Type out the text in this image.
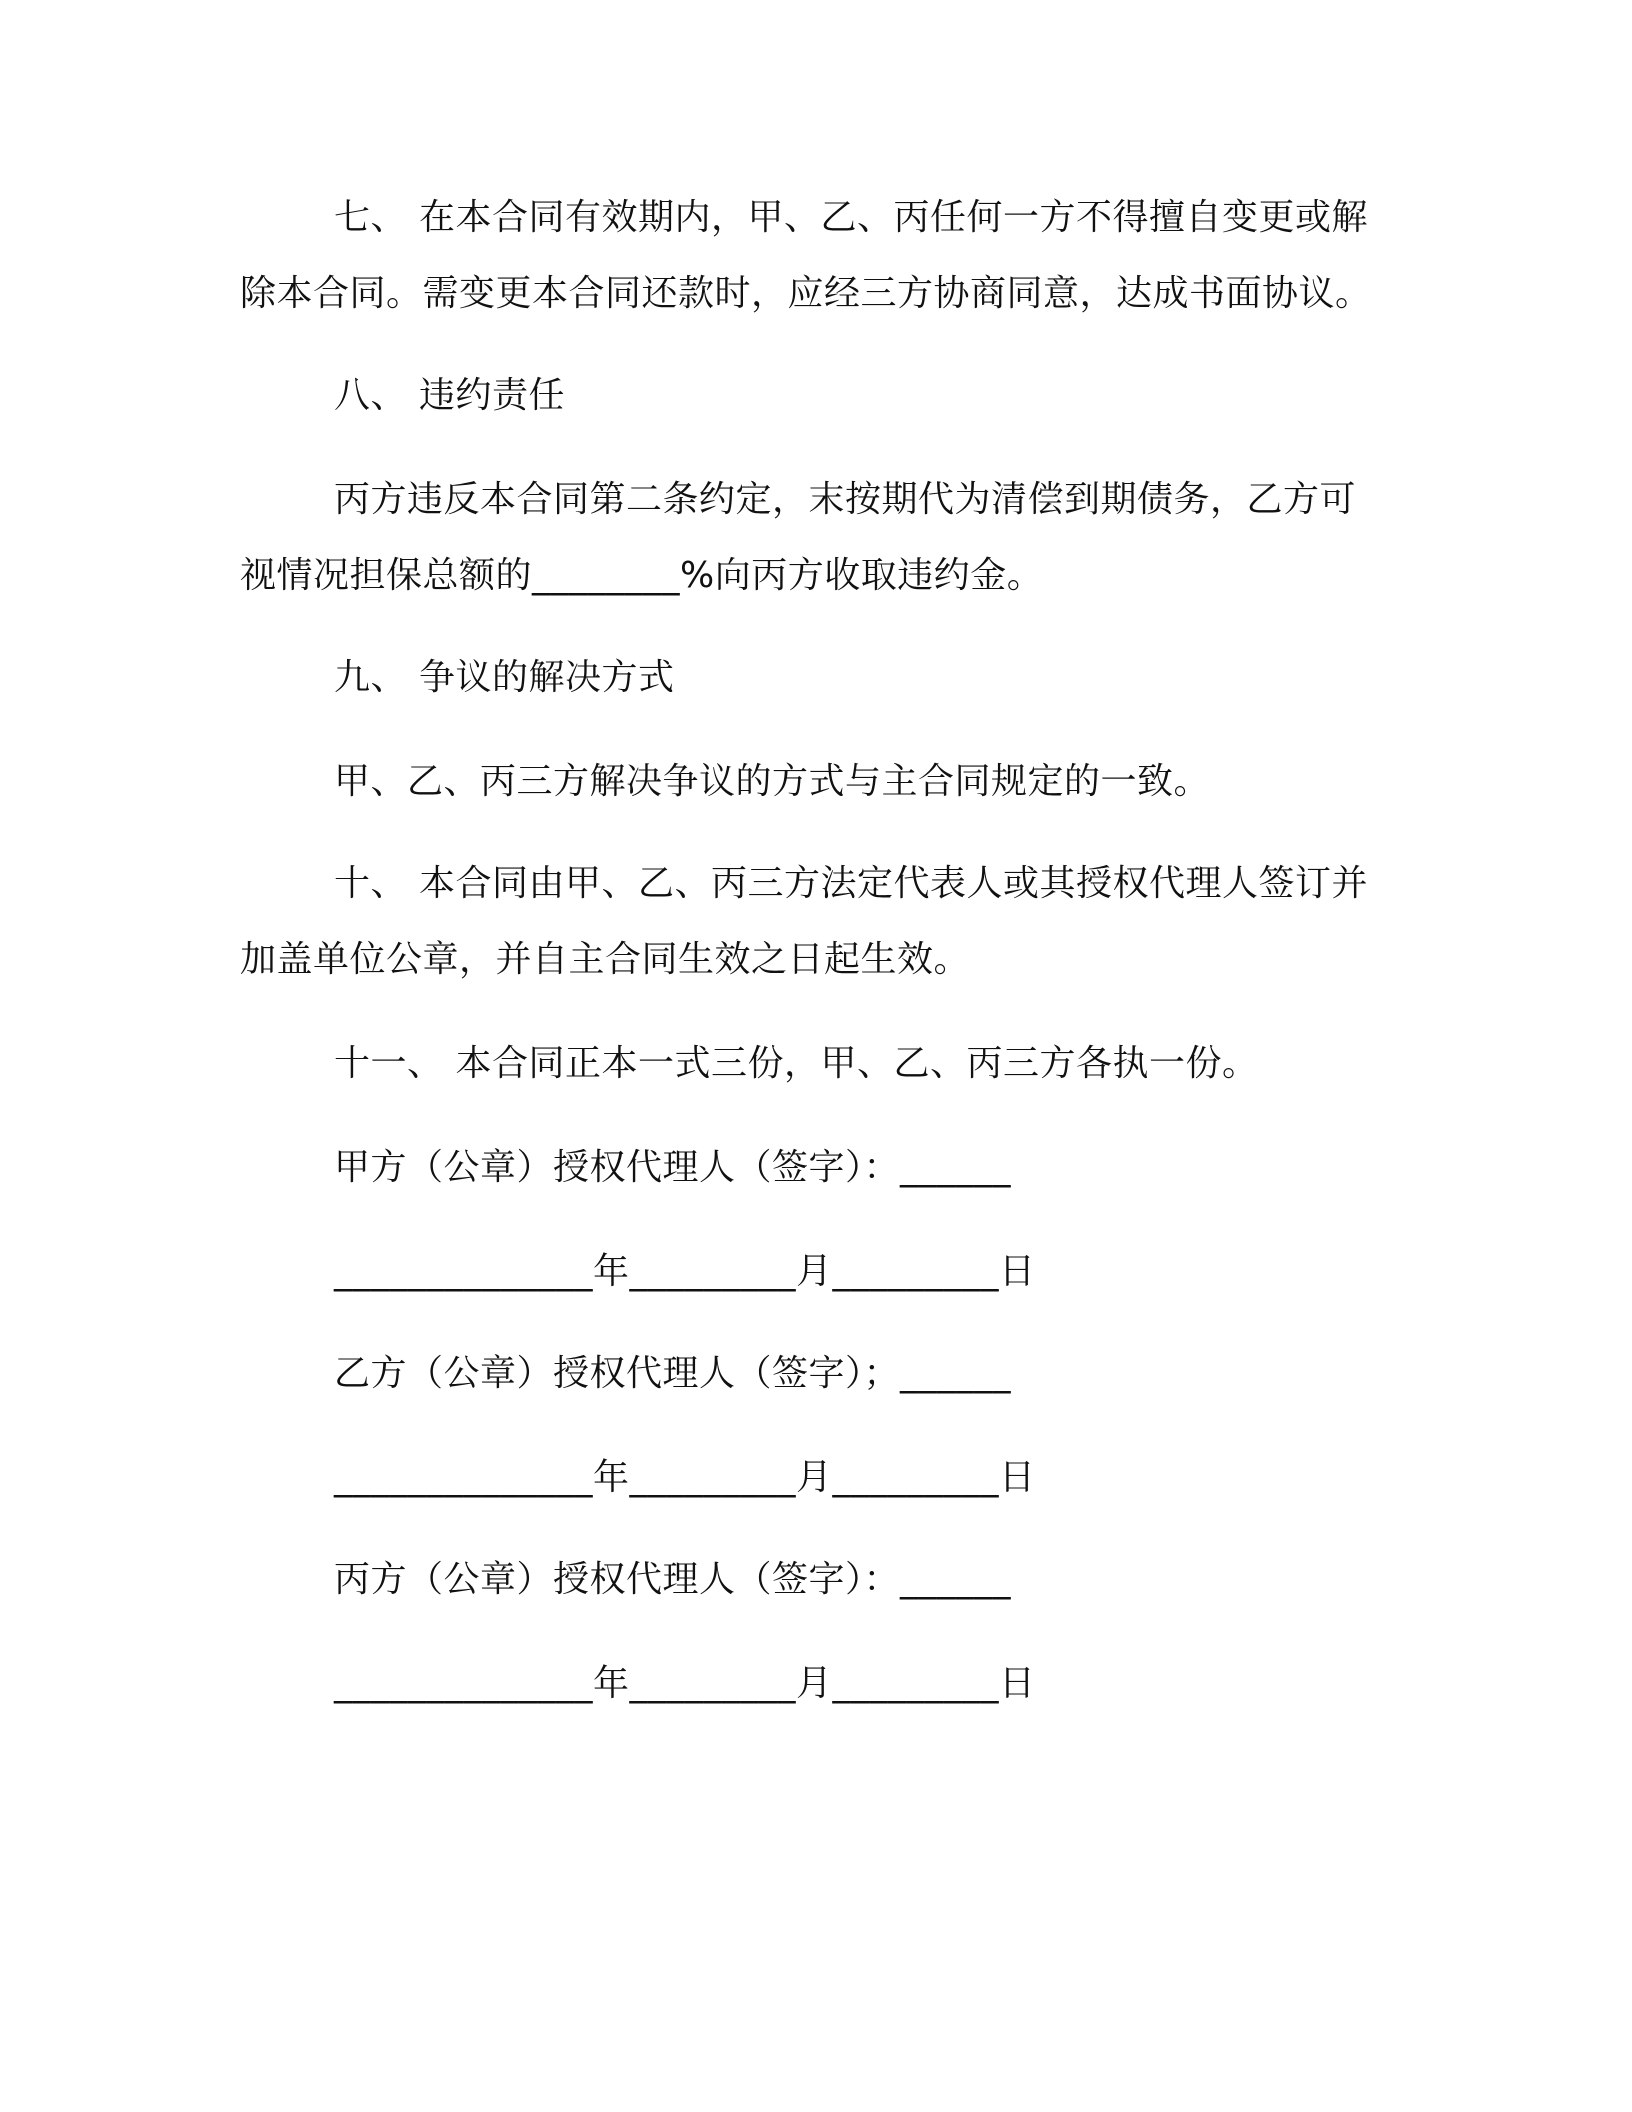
七、 在本合同有效期内，甲、乙、丙任何一方不得擅自变更或解
除本合同。需变更本合同还款时，应经三方协商同意，达成书面协议。
八、 违约责任
丙方违反本合同第二条约定，末按期代为清偿到期债务，乙方可
视情况担保总额的________%向丙方收取违约金。
九、 争议的解决方式
甲、乙、丙三方解决争议的方式与主合同规定的一致。
十、 本合同由甲、乙、丙三方法定代表人或其授权代理人签订并
加盖单位公章，并自主合同生效之日起生效。
十一、 本合同正本一式三份，甲、乙、丙三方各执一份。
甲方（公章）授权代理人（签字）：______
______________年_________月_________日
乙方（公章）授权代理人（签字）；______
______________年_________月_________日
丙方（公章）授权代理人（签字）：______
______________年_________月_________日
